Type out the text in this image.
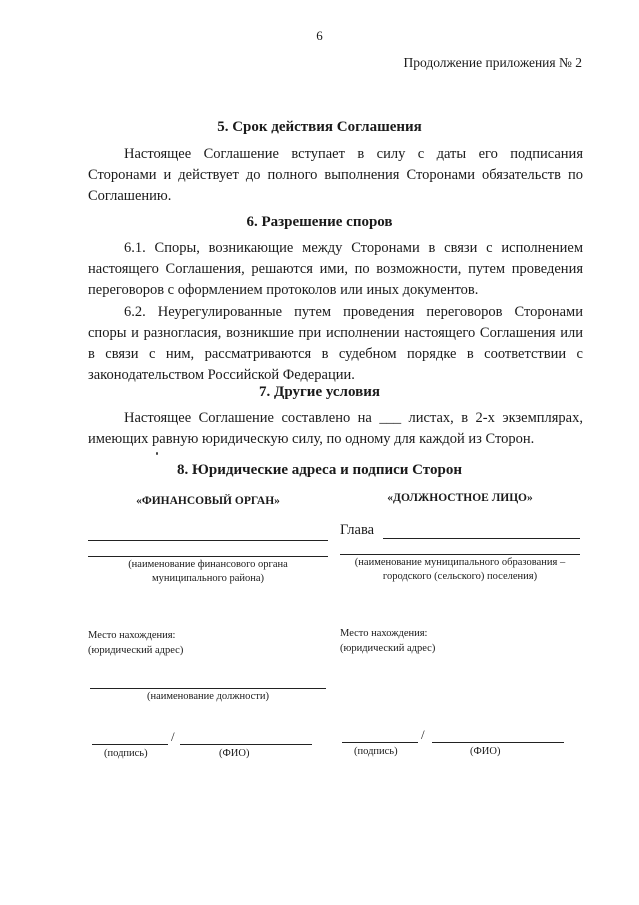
6
Продолжение приложения № 2
5. Срок действия Соглашения
Настоящее Соглашение вступает в силу с даты его подписания Сторонами и действует до полного выполнения Сторонами обязательств по Соглашению.
6. Разрешение споров
6.1. Споры, возникающие между Сторонами в связи с исполнением настоящего Соглашения, решаются ими, по возможности, путем проведения переговоров с оформлением протоколов или иных документов.
6.2. Неурегулированные путем проведения переговоров Сторонами споры и разногласия, возникшие при исполнении настоящего Соглашения или в связи с ним, рассматриваются в судебном порядке в соответствии с законодательством Российской Федерации.
7. Другие условия
Настоящее Соглашение составлено на ___ листах, в 2-х экземплярах, имеющих равную юридическую силу, по одному для каждой из Сторон.
8. Юридические адреса и подписи Сторон
«ФИНАНСОВЫЙ ОРГАН»
(наименование финансового органа
муниципального района)
Место нахождения:
(юридический адрес)
(наименование должности)
/
(подпись)	(ФИО)
«ДОЛЖНОСТНОЕ ЛИЦО»
Глава
(наименование муниципального образования –
городского (сельского) поселения)
Место нахождения:
(юридический адрес)
/
(подпись)	(ФИО)
